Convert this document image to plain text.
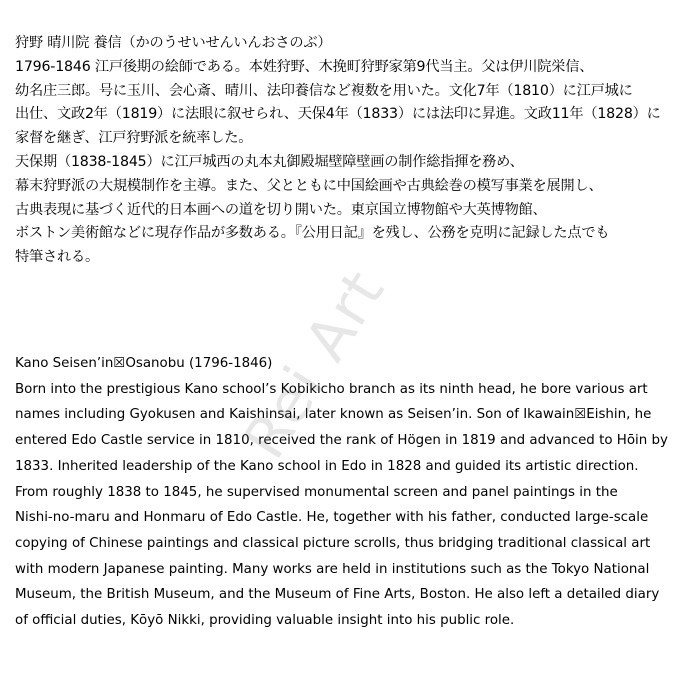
狩野 晴川院 養信（かのうせいせんいんおさのぶ）
1796-1846 江戸後期の絵師である。本姓狩野、木挽町狩野家第9代当主。父は伊川院栄信、
幼名庄三郎。号に玉川、会心斎、晴川、法印養信など複数を用いた。文化7年（1810）に江戸城に
出仕、文政2年（1819）に法眼に叙せられ、天保4年（1833）には法印に昇進。文政11年（1828）に
家督を継ぎ、江戸狩野派を統率した。
天保期（1838-1845）に江戸城西の丸本丸御殿堀壁障壁画の制作総指揮を務め、
幕末狩野派の大規模制作を主導。また、父とともに中国絵画や古典絵巻の模写事業を展開し、
古典表現に基づく近代的日本画への道を切り開いた。東京国立博物館や大英博物館、
ボストン美術館などに現存作品が多数ある。『公用日記』を残し、公務を克明に記録した点でも
特筆される。
Kano Seisen’in☒Osanobu (1796-1846)
Born into the prestigious Kano school’s Kobikicho branch as its ninth head, he bore various art
names including Gyokusen and Kaishinsai, later known as Seisen’in. Son of Ikawain☒Eishin, he
entered Edo Castle service in 1810, received the rank of Högen in 1819 and advanced to Hōin by
1833. Inherited leadership of the Kano school in Edo in 1828 and guided its artistic direction.
From roughly 1838 to 1845, he supervised monumental screen and panel paintings in the
Nishi-no-maru and Honmaru of Edo Castle. He, together with his father, conducted large-scale
copying of Chinese paintings and classical picture scrolls, thus bridging traditional classical art
with modern Japanese painting. Many works are held in institutions such as the Tokyo National
Museum, the British Museum, and the Museum of Fine Arts, Boston. He also left a detailed diary
of official duties, Kōyō Nikki, providing valuable insight into his public role.
Rei Art
